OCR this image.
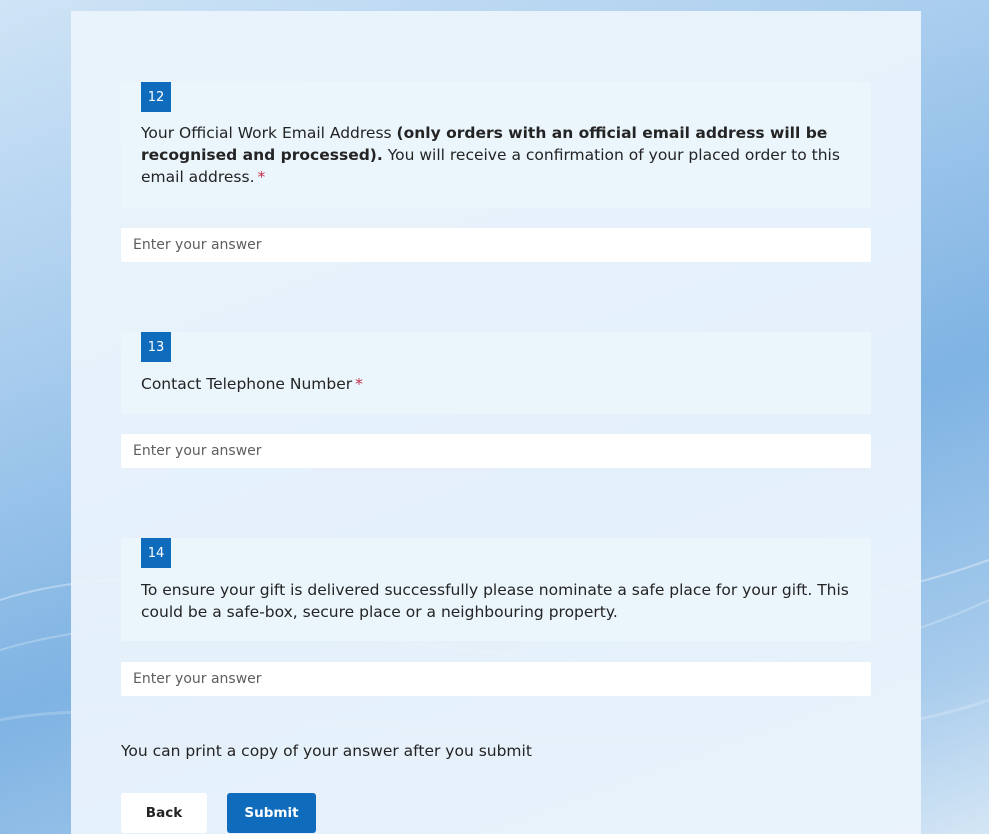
12
Your Official Work Email Address (only orders with an official email address will be recognised and processed). You will receive a confirmation of your placed order to this email address. *
Enter your answer
13
Contact Telephone Number *
Enter your answer
14
To ensure your gift is delivered successfully please nominate a safe place for your gift. This could be a safe-box, secure place or a neighbouring property.
Enter your answer
You can print a copy of your answer after you submit
Back	Submit
